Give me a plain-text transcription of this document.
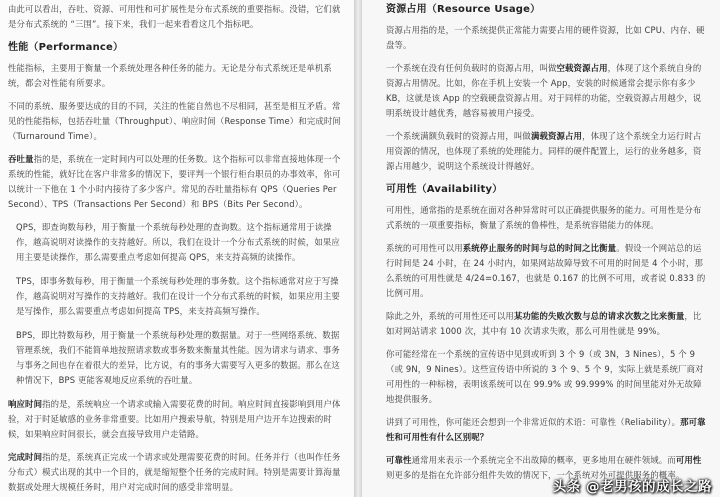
由此可以看出，吞吐、资源、可用性和可扩展性是分布式系统的重要指标。没错，它们就是分布式系统的 “三围”。接下来，我们一起来看看这几个指标吧。

性能（Performance）

性能指标，主要用于衡量一个系统处理各种任务的能力。无论是分布式系统还是单机系统，都会对性能有所要求。

不同的系统、服务要达成的目的不同，关注的性能自然也不尽相同，甚至是相互矛盾。常见的性能指标，包括吞吐量（Throughput）、响应时间（Response Time）和完成时间（Turnaround Time）。

吞吐量指的是，系统在一定时间内可以处理的任务数。这个指标可以非常直接地体现一个系统的性能，就好比在客户非常多的情况下，要评判一个银行柜台职员的办事效率，你可以统计一下他在 1 个小时内接待了多少客户。常见的吞吐量指标有 QPS（Queries Per Second）、TPS（Transactions Per Second）和 BPS（Bits Per Second）。

QPS，即查询数每秒，用于衡量一个系统每秒处理的查询数。这个指标通常用于读操作，越高说明对读操作的支持越好。所以，我们在设计一个分布式系统的时候，如果应用主要是读操作，那么需要重点考虑如何提高 QPS，来支持高频的读操作。

TPS，即事务数每秒，用于衡量一个系统每秒处理的事务数。这个指标通常对应于写操作，越高说明对写操作的支持越好。我们在设计一个分布式系统的时候，如果应用主要是写操作，那么需要重点考虑如何提高 TPS，来支持高频写操作。

BPS，即比特数每秒，用于衡量一个系统每秒处理的数据量。对于一些网络系统、数据管理系统，我们不能简单地按照请求数或事务数来衡量其性能。因为请求与请求、事务与事务之间也存在着很大的差异，比方说，有的事务大需要写入更多的数据。那么在这种情况下，BPS 更能客观地反应系统的吞吐量。

响应时间指的是，系统响应一个请求或输入需要花费的时间。响应时间直接影响到用户体验，对于时延敏感的业务非常重要。比如用户搜索导航，特别是用户边开车边搜索的时候，如果响应时间很长，就会直接导致用户走错路。

完成时间指的是，系统真正完成一个请求或处理需要花费的时间。任务并行（也叫作任务分布式）模式出现的其中一个目的，就是缩短整个任务的完成时间。特别是需要计算海量数据或处理大规模任务时，用户对完成时间的感受非常明显。

资源占用（Resource Usage）

资源占用指的是，一个系统提供正常能力需要占用的硬件资源，比如 CPU、内存、硬盘等。

一个系统在没有任何负载时的资源占用，叫做空载资源占用，体现了这个系统自身的资源占用情况。比如，你在手机上安装一个 App，安装的时候通常会提示你有多少 KB，这就是该 App 的空载硬盘资源占用。对于同样的功能，空载资源占用越少，说明系统设计越优秀，越容易被用户接受。

一个系统满额负载时的资源占用，叫做满载资源占用，体现了这个系统全力运行时占用资源的情况，也体现了系统的处理能力。同样的硬件配置上，运行的业务越多，资源占用越少，说明这个系统设计得越好。

可用性（Availability）

可用性，通常指的是系统在面对各种异常时可以正确提供服务的能力。可用性是分布式系统的一项重要指标，衡量了系统的鲁棒性，是系统容错能力的体现。

系统的可用性可以用系统停止服务的时间与总的时间之比衡量。假设一个网站总的运行时间是 24 小时，在 24 小时内，如果网站故障导致不可用的时间是 4 个小时，那么系统的可用性就是 4/24=0.167，也就是 0.167 的比例不可用，或者说 0.833 的比例可用。

除此之外，系统的可用性还可以用某功能的失败次数与总的请求次数之比来衡量，比如对网站请求 1000 次，其中有 10 次请求失败，那么可用性就是 99%。

你可能经常在一个系统的宣传语中见到或听到 3 个 9（或 3N，3 Nines），5 个 9（或 9N，9 Nines）。这些宣传语中所说的 3 个 9、5 个 9，实际上就是系统厂商对可用性的一种标榜，表明该系统可以在 99.9% 或 99.999% 的时间里能对外无故障地提供服务。

讲到了可用性，你可能还会想到一个非常近似的术语：可靠性（Reliability）。那可靠性和可用性有什么区别呢？

可靠性通常用来表示一个系统完全不出故障的概率，更多地用在硬件领域。而可用性则更多的是指在允许部分组件失效的情况下，一个系统对外可提供服务的概率。

头条 @老男孩的成长之路
